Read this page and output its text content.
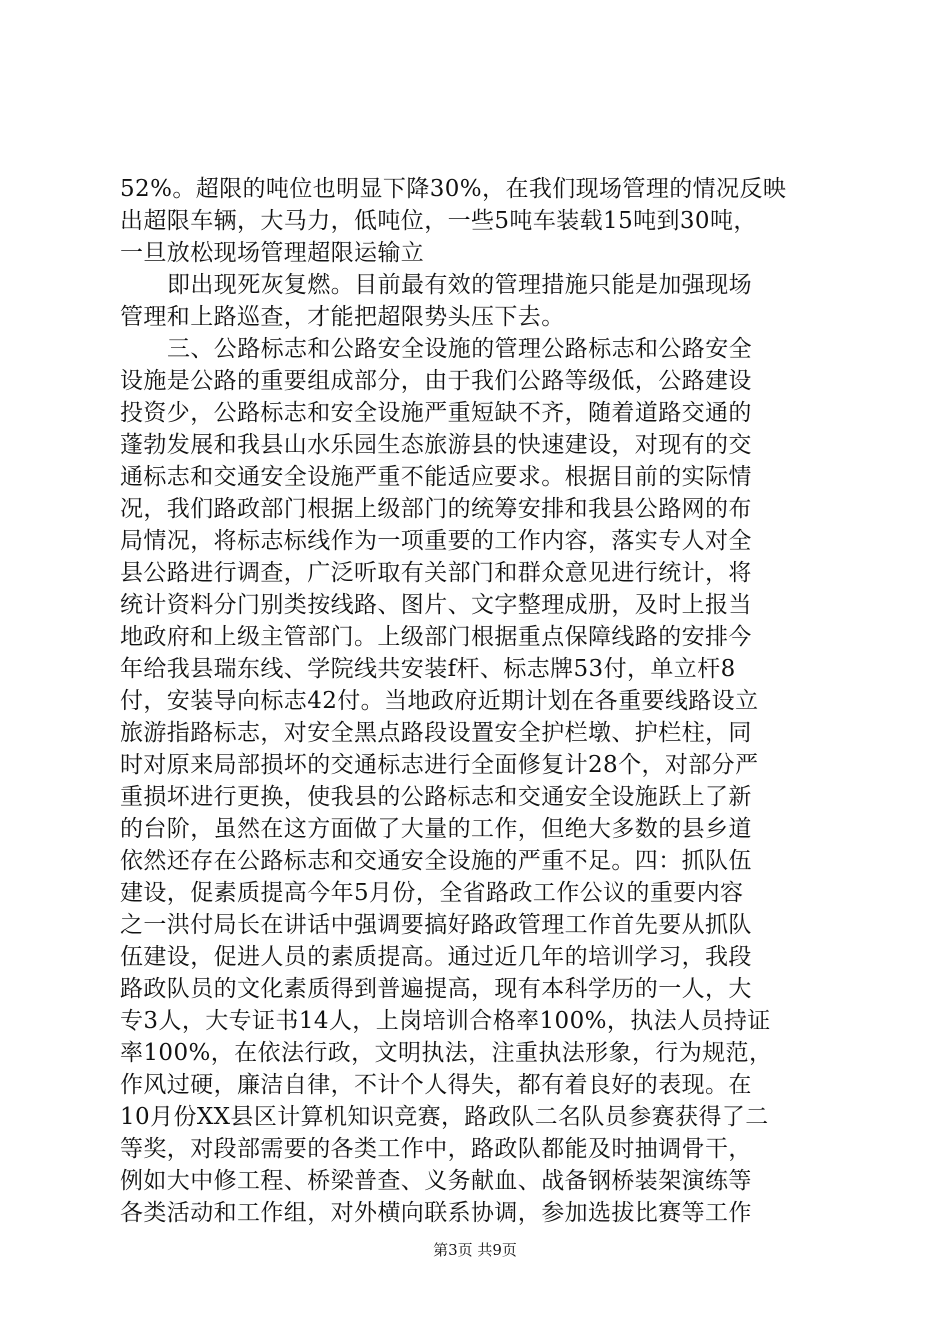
52%。超限的吨位也明显下降30%，在我们现场管理的情况反映
出超限车辆，大马力，低吨位，一些5吨车装载15吨到30吨，
一旦放松现场管理超限运输立
即出现死灰复燃。目前最有效的管理措施只能是加强现场
管理和上路巡查，才能把超限势头压下去。
三、公路标志和公路安全设施的管理公路标志和公路安全
设施是公路的重要组成部分，由于我们公路等级低，公路建设
投资少，公路标志和安全设施严重短缺不齐，随着道路交通的
蓬勃发展和我县山水乐园生态旅游县的快速建设，对现有的交
通标志和交通安全设施严重不能适应要求。根据目前的实际情
况，我们路政部门根据上级部门的统筹安排和我县公路网的布
局情况，将标志标线作为一项重要的工作内容，落实专人对全
县公路进行调查，广泛听取有关部门和群众意见进行统计，将
统计资料分门别类按线路、图片、文字整理成册，及时上报当
地政府和上级主管部门。上级部门根据重点保障线路的安排今
年给我县瑞东线、学院线共安装f杆、标志牌53付，单立杆8
付，安装导向标志42付。当地政府近期计划在各重要线路设立
旅游指路标志，对安全黑点路段设置安全护栏墩、护栏柱，同
时对原来局部损坏的交通标志进行全面修复计28个，对部分严
重损坏进行更换，使我县的公路标志和交通安全设施跃上了新
的台阶，虽然在这方面做了大量的工作，但绝大多数的县乡道
依然还存在公路标志和交通安全设施的严重不足。四：抓队伍
建设，促素质提高今年5月份，全省路政工作公议的重要内容
之一洪付局长在讲话中强调要搞好路政管理工作首先要从抓队
伍建设，促进人员的素质提高。通过近几年的培训学习，我段
路政队员的文化素质得到普遍提高，现有本科学历的一人，大
专3人，大专证书14人，上岗培训合格率100%，执法人员持证
率100%，在依法行政，文明执法，注重执法形象，行为规范，
作风过硬，廉洁自律，不计个人得失，都有着良好的表现。在
10月份XX县区计算机知识竞赛，路政队二名队员参赛获得了二
等奖，对段部需要的各类工作中，路政队都能及时抽调骨干，
例如大中修工程、桥梁普查、义务献血、战备钢桥装架演练等
各类活动和工作组，对外横向联系协调，参加选拔比赛等工作
第3页 共9页
